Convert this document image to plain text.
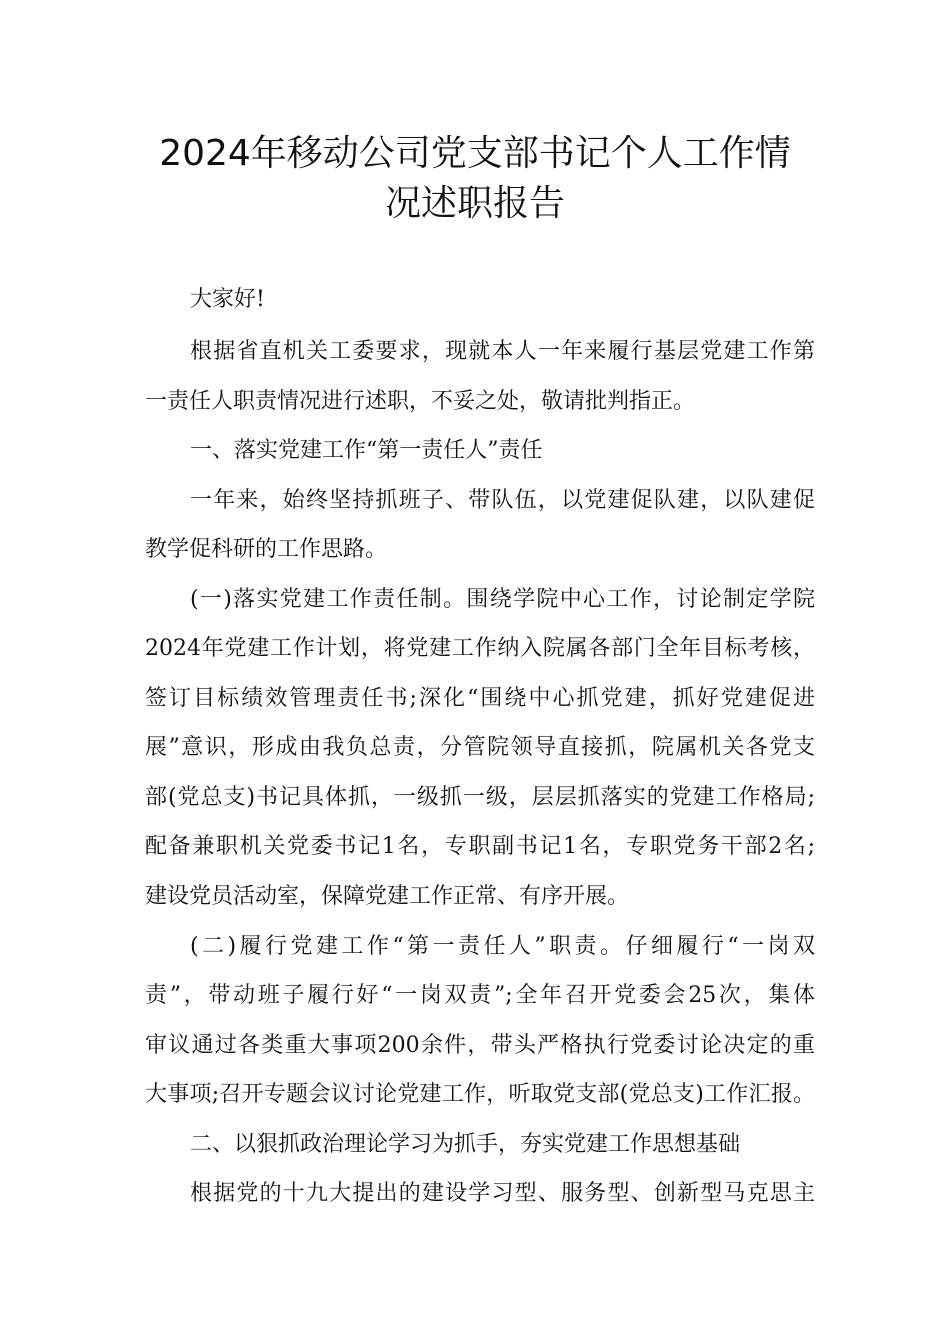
2024年移动公司党支部书记个人工作情
况述职报告
大家好!
根据省直机关工委要求，现就本人一年来履行基层党建工作第
一责任人职责情况进行述职，不妥之处，敬请批判指正。
一、落实党建工作“第一责任人”责任
一年来，始终坚持抓班子、带队伍，以党建促队建，以队建促
教学促科研的工作思路。
(一)落实党建工作责任制。围绕学院中心工作，讨论制定学院
2024年党建工作计划，将党建工作纳入院属各部门全年目标考核，
签订目标绩效管理责任书;深化“围绕中心抓党建，抓好党建促进
展”意识，形成由我负总责，分管院领导直接抓，院属机关各党支
部(党总支)书记具体抓，一级抓一级，层层抓落实的党建工作格局;
配备兼职机关党委书记1名，专职副书记1名，专职党务干部2名;
建设党员活动室，保障党建工作正常、有序开展。
(二)履行党建工作“第一责任人”职责。仔细履行“一岗双
责”，带动班子履行好“一岗双责”;全年召开党委会25次，集体
审议通过各类重大事项200余件，带头严格执行党委讨论决定的重
大事项;召开专题会议讨论党建工作，听取党支部(党总支)工作汇报。
二、以狠抓政治理论学习为抓手，夯实党建工作思想基础
根据党的十九大提出的建设学习型、服务型、创新型马克思主
